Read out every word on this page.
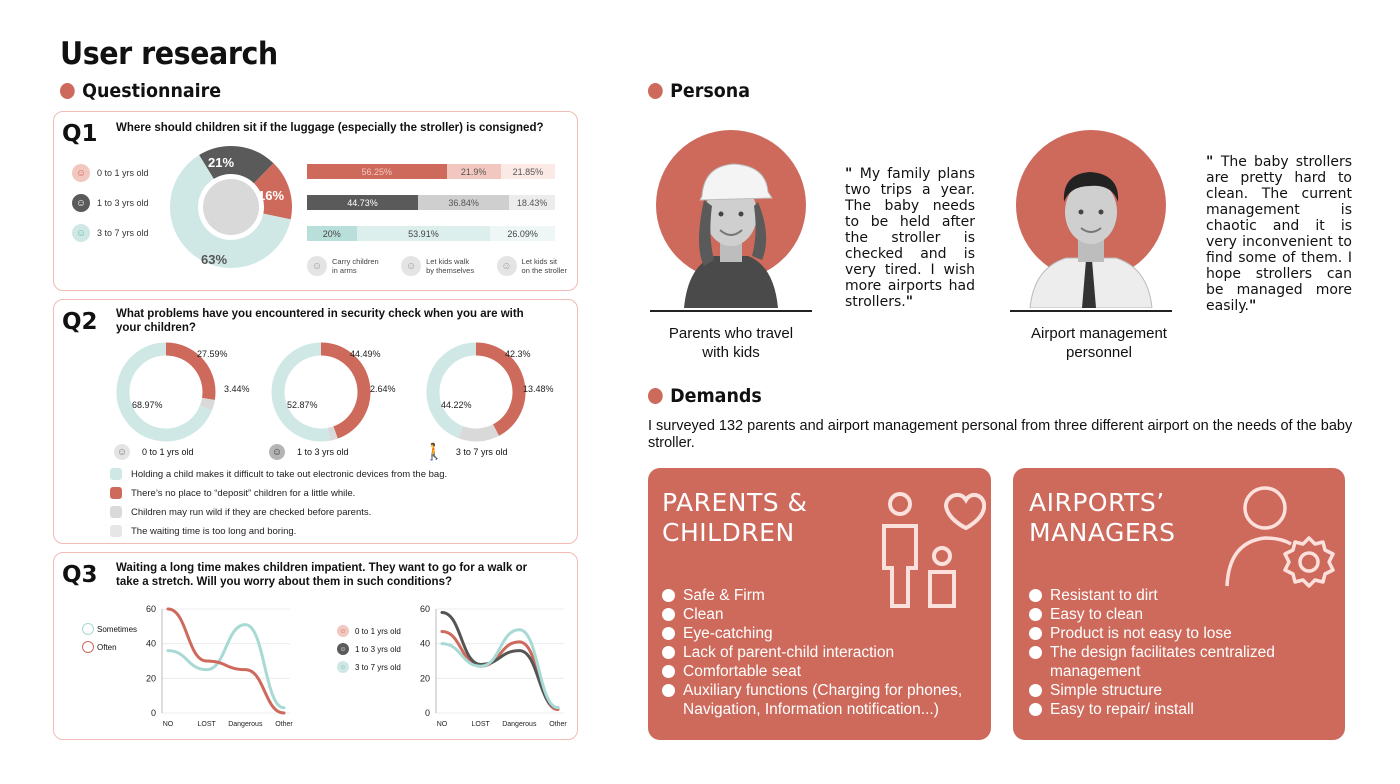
User research
Questionnaire
Q1 Where should children sit if the luggage (especially the stroller) is consigned?
☺	0 to 1 yrs old
☺	1 to 3 yrs old
☺	3 to 7 yrs old
21%
16%
63%
56.25%	21.9%	21.85%
44.73%	36.84%	18.43%
20%	53.91%	26.09%
☺	Carry children
in arms	☺	Let kids walk
by themselves	☺	Let kids sit
on the stroller
Q2 What problems have you encountered in security check when you are with
your children?
27.59%
3.44%
68.97%
44.49%
2.64%
52.87%
42.3%
13.48%
44.22%
☺	0 to 1 yrs old	☺	1 to 3 yrs old	🚶 3 to 7 yrs old
Holding a child makes it difficult to take out electronic devices from the bag.
There’s no place to “deposit” children for a little while.
Children may run wild if they are checked before parents.
The waiting time is too long and boring.
Q3 Waiting a long time makes children impatient. They want to go for a walk or
take a stretch. Will you worry about them in such conditions?
Sometimes
Often
0
20
40
60
NO	LOST Dangerous Other
☺	0 to 1 yrs old
☺	1 to 3 yrs old
☺	3 to 7 yrs old
0
20
40
60
NO	LOST Dangerous Other
Persona
" My family plans two trips a year. The baby needs to be held after the stroller is checked and is very tired. I wish more airports had strollers."
Parents who travel
with kids
" The baby strollers are pretty hard to clean. The current management is chaotic and it is very inconvenient to find some of them. I hope strollers can be managed more easily."
Airport management
personnel
Demands
I surveyed 132 parents and airport management personal from three different airport on the needs of the baby stroller.
PARENTS &
CHILDREN
Safe & Firm
Clean
Eye-catching
Lack of parent-child interaction
Comfortable seat
Auxiliary functions (Charging for phones, Navigation, Information notification...)
AIRPORTS’
MANAGERS
Resistant to dirt
Easy to clean
Product is not easy to lose
The design facilitates centralized management
Simple structure
Easy to repair/ install
